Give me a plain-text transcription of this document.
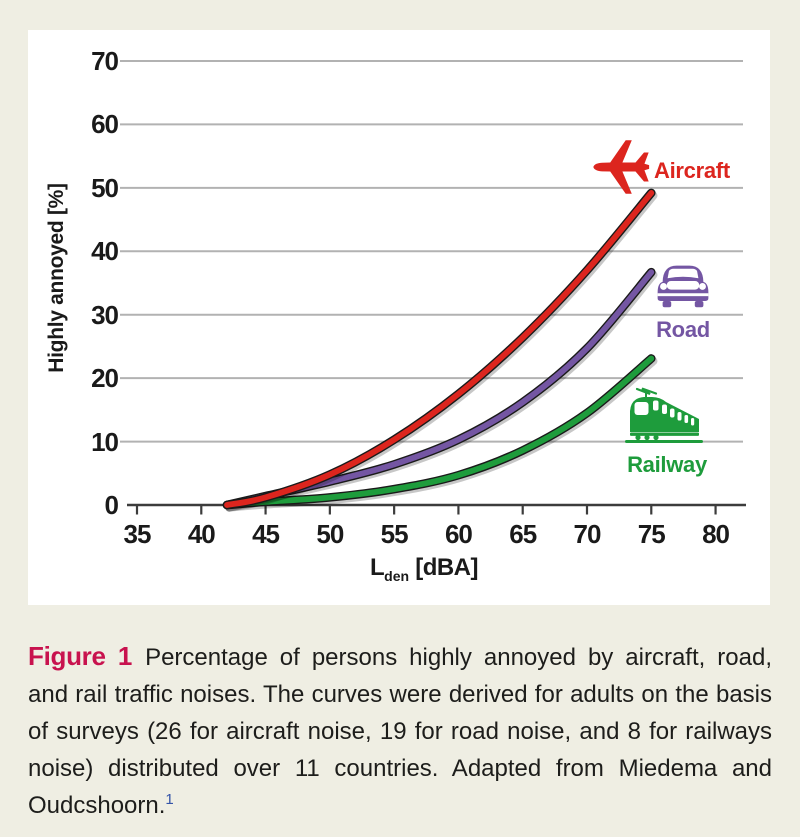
Highly annoyed [%]
$L_{den}$ [dBA]
Aircraft
Road
Railway
0
10
20
30
40
50
60
70
35	40	45	50	55	60	65	70	75	80

Figure 1 Percentage of persons highly annoyed by aircraft, road, and rail traffic noises. The curves were derived for adults on the basis of surveys (26 for aircraft noise, 19 for road noise, and 8 for railways noise) distributed over 11 countries. Adapted from Miedema and Oudcshoorn.$^1$
